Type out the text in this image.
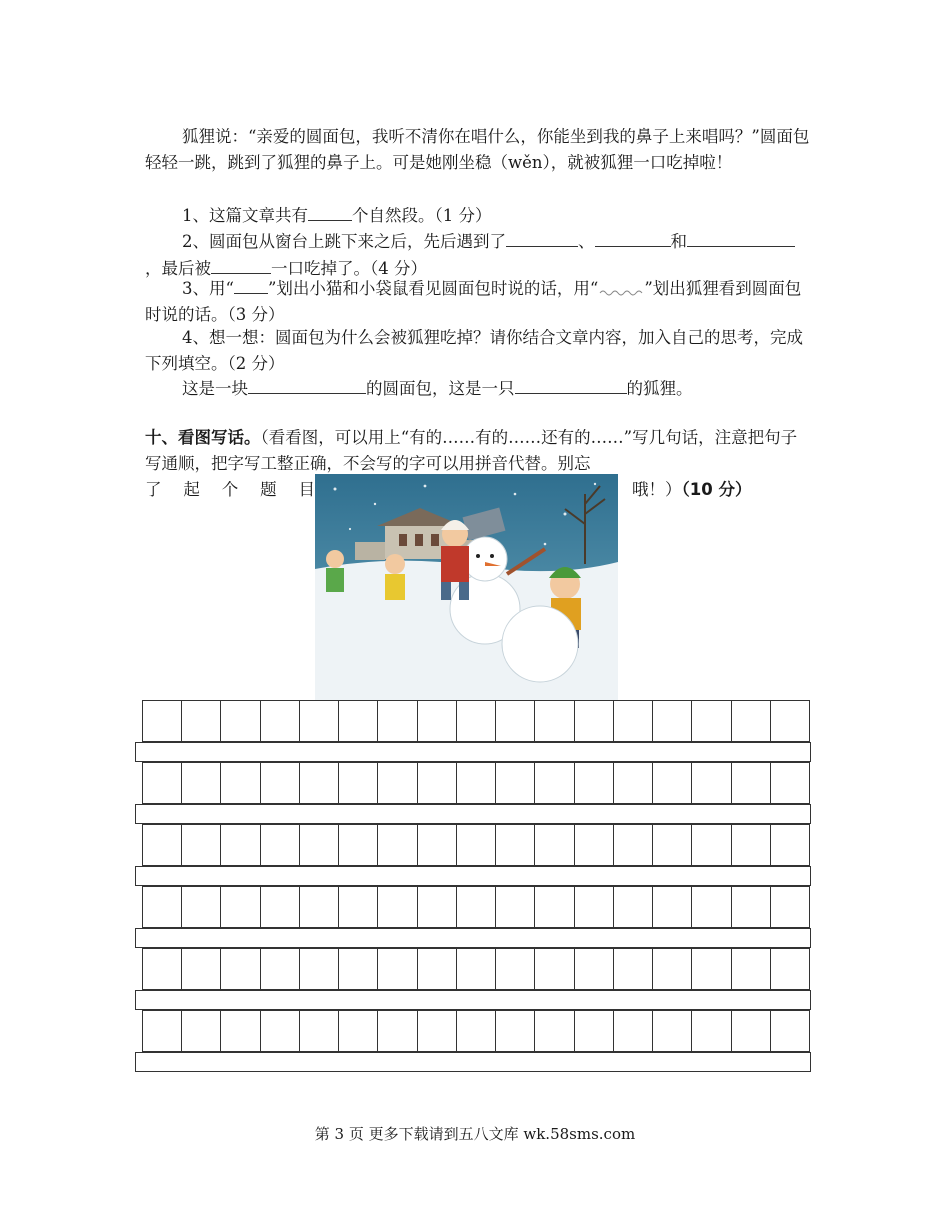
狐狸说：“亲爱的圆面包，我听不清你在唱什么，你能坐到我的鼻子上来唱吗？”圆面包轻轻一跳，跳到了狐狸的鼻子上。可是她刚坐稳（wěn），就被狐狸一口吃掉啦！
1、这篇文章共有	个自然段。（1 分）
2、圆面包从窗台上跳下来之后，先后遇到了	、	和，最后被	一口吃掉了。（4 分）
3、用“ ”划出小猫和小袋鼠看见圆面包时说的话，用“	”划出狐狸看到圆面包时说的话。（3 分）
4、想一想：圆面包为什么会被狐狸吃掉？请你结合文章内容，加入自己的思考，完成下列填空。（2 分）
这是一块	的圆面包，这是一只	的狐狸。
十、看图写话。（看看图，可以用上“有的……有的……还有的……”写几句话，注意把句子写通顺，把字写工整正确，不会写的字可以用拼音代替。别忘
了 起 个 题 目	哦！）（10 分）
第 3 页 更多下载请到五八文库 wk.58sms.com
